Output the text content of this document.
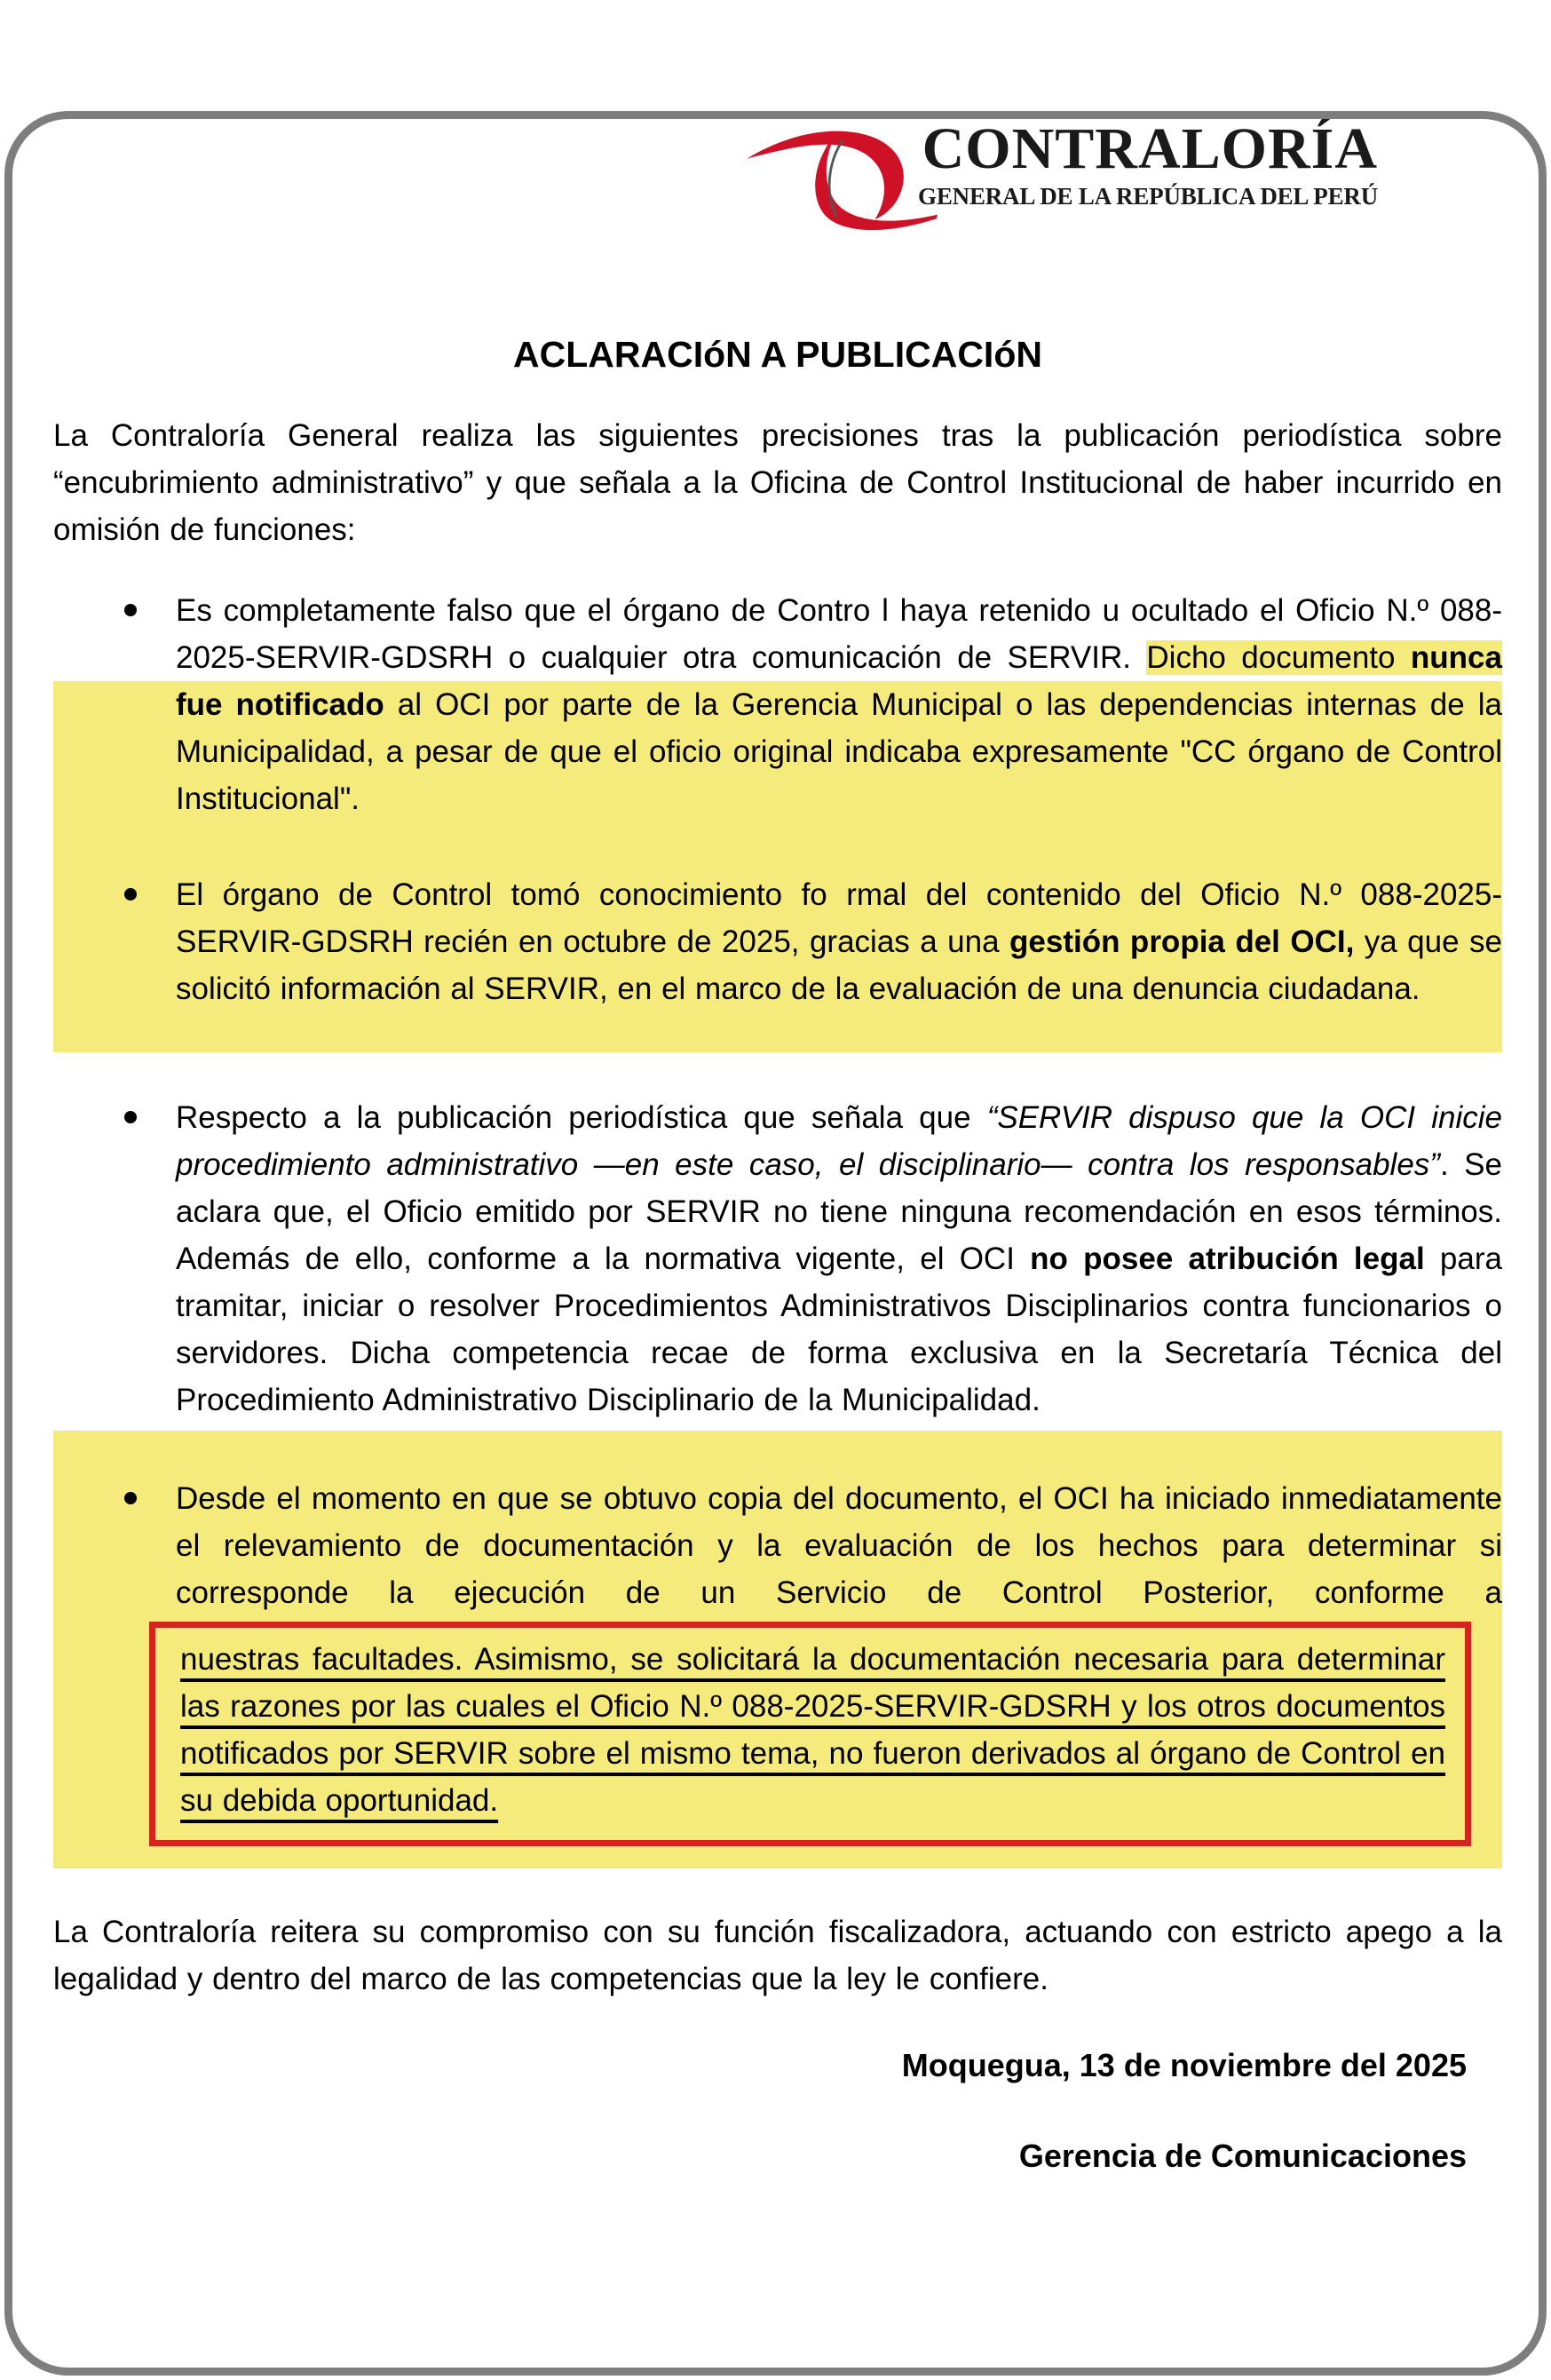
CONTRALORÍA
GENERAL DE LA REPÚBLICA DEL PERÚ
ACLARACIóN A PUBLICACIóN

La Contraloría General realiza las siguientes precisiones tras la publicación periodística sobre “encubrimiento administrativo” y que señala a la Oficina de Control Institucional de haber incurrido en omisión de funciones:

Es completamente falso que el órgano de Contro l haya retenido u ocultado el Oficio N.º 088-2025-SERVIR-GDSRH o cualquier otra comunicación de SERVIR. Dicho documento nunca fue notificado al OCI por parte de la Gerencia Municipal o las dependencias internas de la Municipalidad, a pesar de que el oficio original indicaba expresamente "CC órgano de Control Institucional".
El órgano de Control tomó conocimiento fo rmal del contenido del Oficio N.º 088-2025-SERVIR-GDSRH recién en octubre de 2025, gracias a una gestión propia del OCI, ya que se solicitó información al SERVIR, en el marco de la evaluación de una denuncia ciudadana.
Respecto a la publicación periodística que señala que “SERVIR dispuso que la OCI inicie procedimiento administrativo —en este caso, el disciplinario— contra los responsables”. Se aclara que, el Oficio emitido por SERVIR no tiene ninguna recomendación en esos términos. Además de ello, conforme a la normativa vigente, el OCI no posee atribución legal para tramitar, iniciar o resolver Procedimientos Administrativos Disciplinarios contra funcionarios o servidores. Dicha competencia recae de forma exclusiva en la Secretaría Técnica del Procedimiento Administrativo Disciplinario de la Municipalidad.
Desde el momento en que se obtuvo copia del documento, el OCI ha iniciado inmediatamente el relevamiento de documentación y la evaluación de los hechos para determinar si corresponde la ejecución de un Servicio de Control Posterior, conforme a
nuestras facultades. Asimismo, se solicitará la documentación necesaria para determinar las razones por las cuales el Oficio N.º 088-2025-SERVIR-GDSRH y los otros documentos notificados por SERVIR sobre el mismo tema, no fueron derivados al órgano de Control en su debida oportunidad.

La Contraloría reitera su compromiso con su función fiscalizadora, actuando con estricto apego a la legalidad y dentro del marco de las competencias que la ley le confiere.

Moquegua, 13 de noviembre del 2025
Gerencia de Comunicaciones
